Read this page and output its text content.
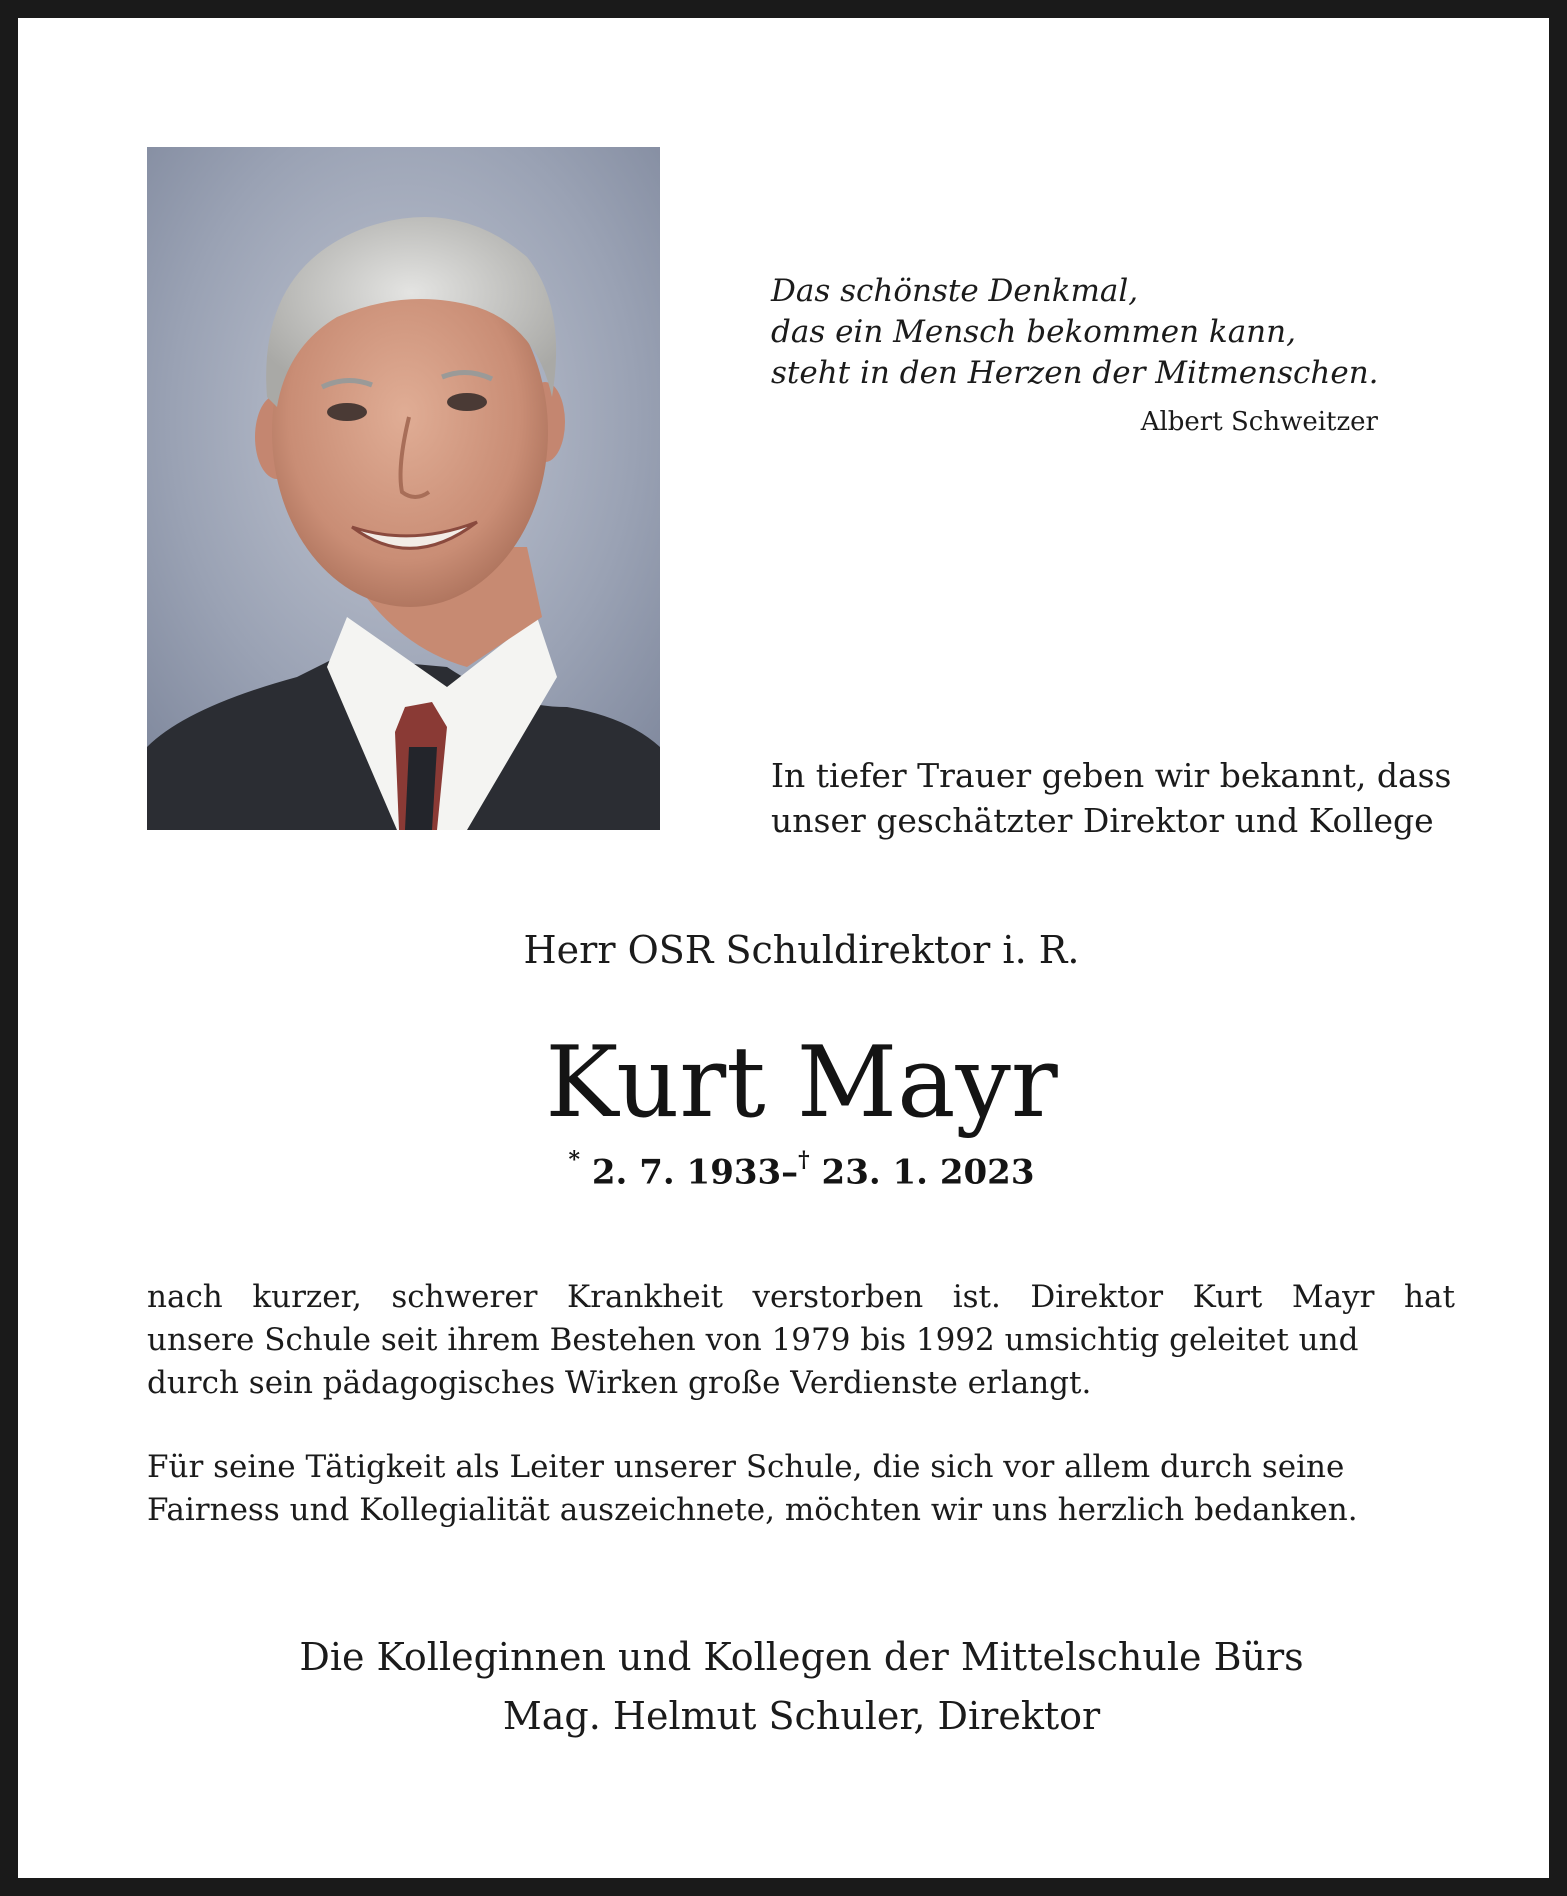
Das schönste Denkmal,
das ein Mensch bekommen kann,
steht in den Herzen der Mitmenschen.
Albert Schweitzer
In tiefer Trauer geben wir bekannt, dass
unser geschätzter Direktor und Kollege
Herr OSR Schuldirektor i. R.
Kurt Mayr
* 2. 7. 1933–† 23. 1. 2023
nach kurzer, schwerer Krankheit verstorben ist. Direktor Kurt Mayr hat
unsere Schule seit ihrem Bestehen von 1979 bis 1992 umsichtig geleitet und
durch sein pädagogisches Wirken große Verdienste erlangt.
Für seine Tätigkeit als Leiter unserer Schule, die sich vor allem durch seine
Fairness und Kollegialität auszeichnete, möchten wir uns herzlich bedanken.
Die Kolleginnen und Kollegen der Mittelschule Bürs
Mag. Helmut Schuler, Direktor
